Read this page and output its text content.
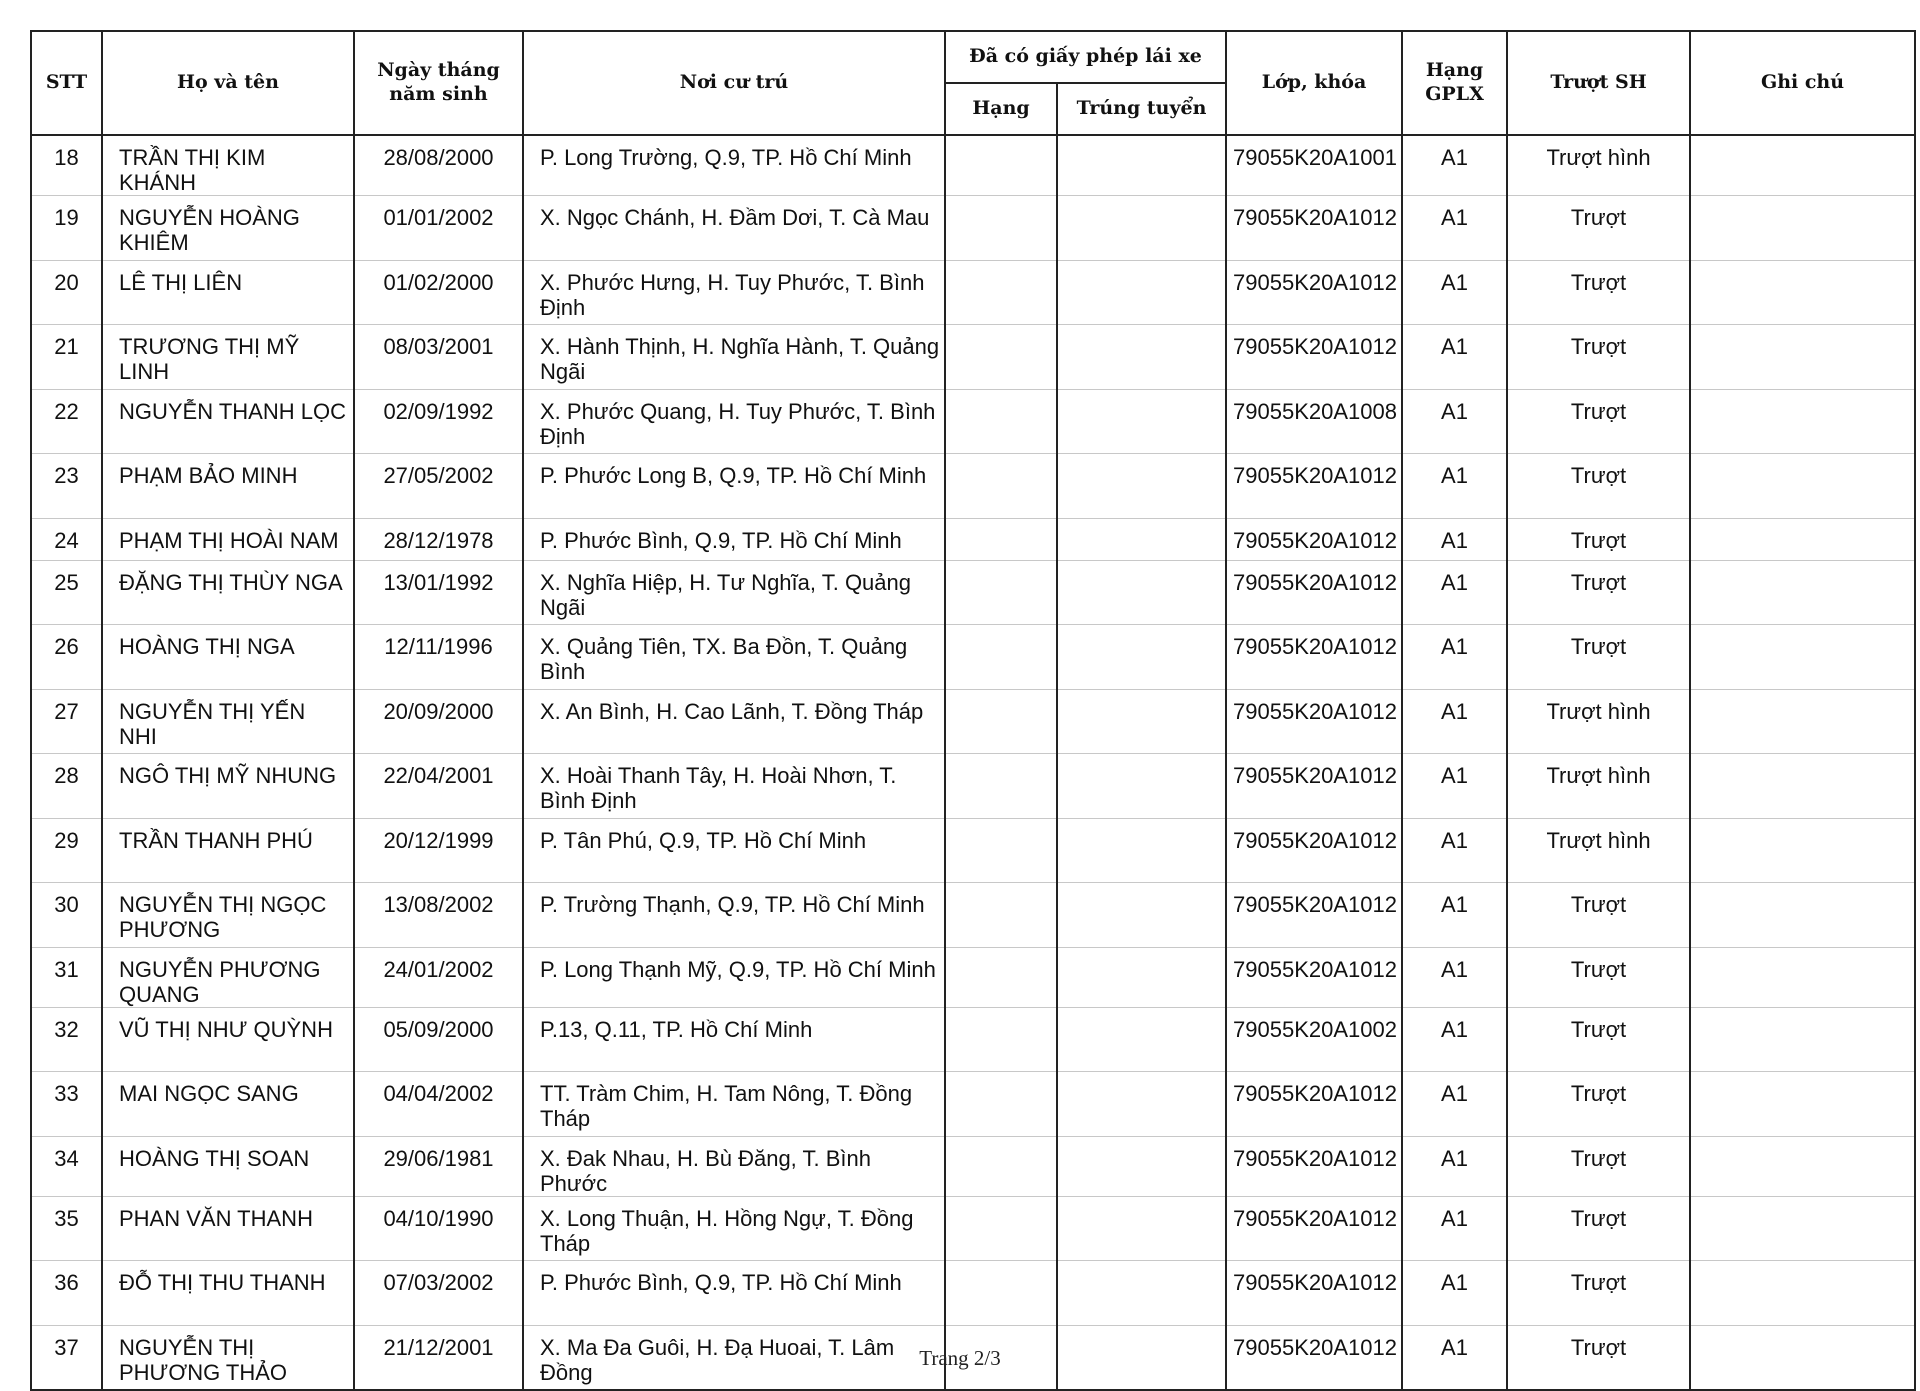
STT	Họ và tên	Ngày tháng năm sinh	Nơi cư trú	Đã có giấy phép lái xe		Lớp, khóa	Hạng GPLX	Trượt SH	Ghi chú
				Hạng	Trúng tuyển				
18	TRẦN THỊ KIM KHÁNH	28/08/2000	P. Long Trường, Q.9, TP. Hồ Chí Minh			79055K20A1001	A1	Trượt hình	
19	NGUYỄN HOÀNG KHIÊM	01/01/2002	X. Ngọc Chánh, H. Đầm Dơi, T. Cà Mau			79055K20A1012	A1	Trượt	
20	LÊ THỊ LIÊN	01/02/2000	X. Phước Hưng, H. Tuy Phước, T. Bình Định			79055K20A1012	A1	Trượt	
21	TRƯƠNG THỊ MỸ LINH	08/03/2001	X. Hành Thịnh, H. Nghĩa Hành, T. Quảng Ngãi			79055K20A1012	A1	Trượt	
22	NGUYỄN THANH LỌC	02/09/1992	X. Phước Quang, H. Tuy Phước, T. Bình Định			79055K20A1008	A1	Trượt	
23	PHẠM BẢO MINH	27/05/2002	P. Phước Long B, Q.9, TP. Hồ Chí Minh			79055K20A1012	A1	Trượt	
24	PHẠM THỊ HOÀI NAM	28/12/1978	P. Phước Bình, Q.9, TP. Hồ Chí Minh			79055K20A1012	A1	Trượt	
25	ĐẶNG THỊ THÙY NGA	13/01/1992	X. Nghĩa Hiệp, H. Tư Nghĩa, T. Quảng Ngãi			79055K20A1012	A1	Trượt	
26	HOÀNG THỊ NGA	12/11/1996	X. Quảng Tiên, TX. Ba Đồn, T. Quảng Bình			79055K20A1012	A1	Trượt	
27	NGUYỄN THỊ YẾN NHI	20/09/2000	X. An Bình, H. Cao Lãnh, T. Đồng Tháp			79055K20A1012	A1	Trượt hình	
28	NGÔ THỊ MỸ NHUNG	22/04/2001	X. Hoài Thanh Tây, H. Hoài Nhơn, T. Bình Định			79055K20A1012	A1	Trượt hình	
29	TRẦN THANH PHÚ	20/12/1999	P. Tân Phú, Q.9, TP. Hồ Chí Minh			79055K20A1012	A1	Trượt hình	
30	NGUYỄN THỊ NGỌC PHƯƠNG	13/08/2002	P. Trường Thạnh, Q.9, TP. Hồ Chí Minh			79055K20A1012	A1	Trượt	
31	NGUYỄN PHƯƠNG QUANG	24/01/2002	P. Long Thạnh Mỹ, Q.9, TP. Hồ Chí Minh			79055K20A1012	A1	Trượt	
32	VŨ THỊ NHƯ QUỲNH	05/09/2000	P.13, Q.11, TP. Hồ Chí Minh			79055K20A1002	A1	Trượt	
33	MAI NGỌC SANG	04/04/2002	TT. Tràm Chim, H. Tam Nông, T. Đồng Tháp			79055K20A1012	A1	Trượt	
34	HOÀNG THỊ SOAN	29/06/1981	X. Đak Nhau, H. Bù Đăng, T. Bình Phước			79055K20A1012	A1	Trượt	
35	PHAN VĂN THANH	04/10/1990	X. Long Thuận, H. Hồng Ngự, T. Đồng Tháp			79055K20A1012	A1	Trượt	
36	ĐỖ THỊ THU THANH	07/03/2002	P. Phước Bình, Q.9, TP. Hồ Chí Minh			79055K20A1012	A1	Trượt	
37	NGUYỄN THỊ PHƯƠNG THẢO	21/12/2001	X. Ma Đa Guôi, H. Đạ Huoai, T. Lâm Đồng			79055K20A1012	A1	Trượt	
Trang 2/3
